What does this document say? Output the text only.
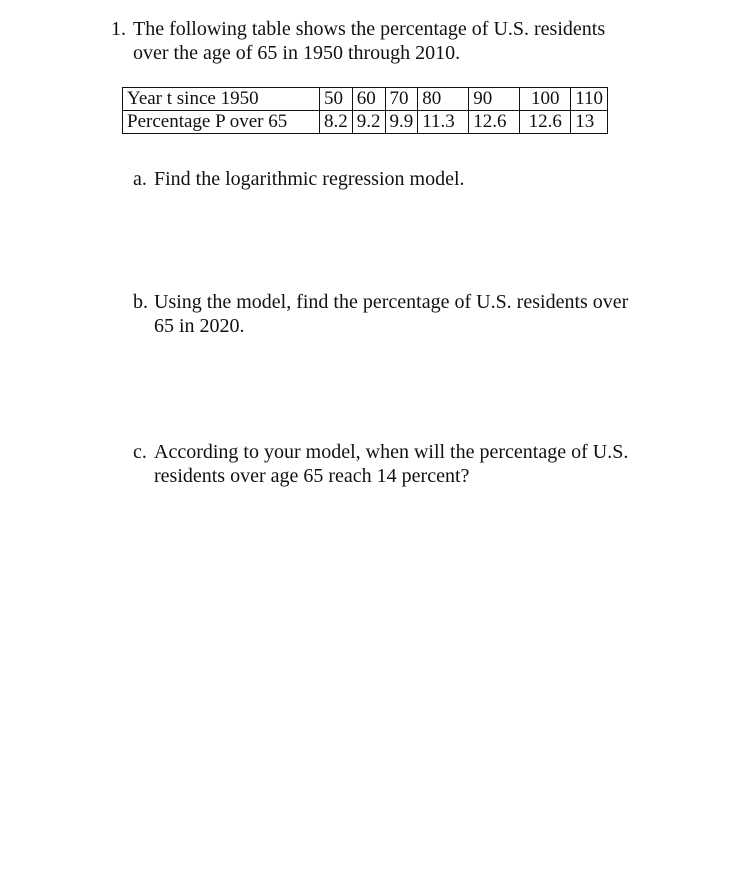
1. The following table shows the percentage of U.S. residents
over the age of 65 in 1950 through 2010.
Year t since 1950	50	60	70	80	90	100	110
Percentage P over 65	8.2	9.2	9.9	11.3	12.6	12.6	13
a. Find the logarithmic regression model.
b. Using the model, find the percentage of U.S. residents over
65 in 2020.
c. According to your model, when will the percentage of U.S.
residents over age 65 reach 14 percent?
